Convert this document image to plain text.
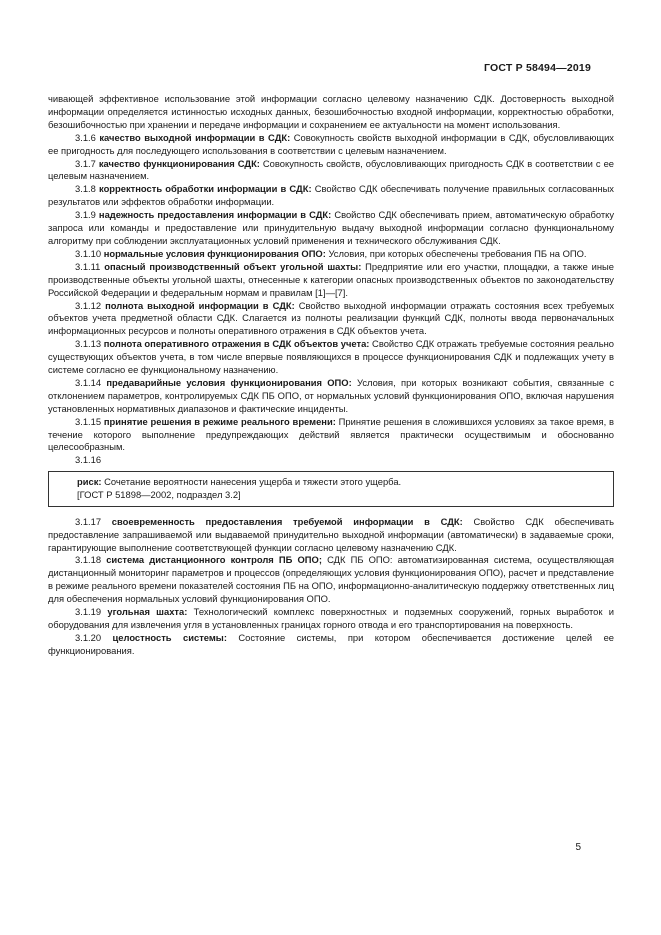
ГОСТ Р 58494—2019

чивающей эффективное использование этой информации согласно целевому назначению СДК. Достоверность выходной информации определяется истинностью исходных данных, безошибочностью входной информации, корректностью обработки, безошибочностью при хранении и передаче информации и сохранением ее актуальности на момент использования.

3.1.6 качество выходной информации в СДК: Совокупность свойств выходной информации в СДК, обусловливающих ее пригодность для последующего использования в соответствии с целевым назначением.

3.1.7 качество функционирования СДК: Совокупность свойств, обусловливающих пригодность СДК в соответствии с ее целевым назначением.

3.1.8 корректность обработки информации в СДК: Свойство СДК обеспечивать получение правильных согласованных результатов или эффектов обработки информации.

3.1.9 надежность предоставления информации в СДК: Свойство СДК обеспечивать прием, автоматическую обработку запроса или команды и предоставление или принудительную выдачу выходной информации согласно функциональному алгоритму при соблюдении эксплуатационных условий применения и технического обслуживания СДК.

3.1.10 нормальные условия функционирования ОПО: Условия, при которых обеспечены требования ПБ на ОПО.

3.1.11 опасный производственный объект угольной шахты: Предприятие или его участки, площадки, а также иные производственные объекты угольной шахты, отнесенные к категории опасных производственных объектов по законодательству Российской Федерации и федеральным нормам и правилам [1]—[7].

3.1.12 полнота выходной информации в СДК: Свойство выходной информации отражать состояния всех требуемых объектов учета предметной области СДК. Слагается из полноты реализации функций СДК, полноты ввода первоначальных информационных ресурсов и полноты оперативного отражения в СДК объектов учета.

3.1.13 полнота оперативного отражения в СДК объектов учета: Свойство СДК отражать требуемые состояния реально существующих объектов учета, в том числе впервые появляющихся в процессе функционирования СДК и подлежащих учету в системе согласно ее функциональному назначению.

3.1.14 предаварийные условия функционирования ОПО: Условия, при которых возникают события, связанные с отклонением параметров, контролируемых СДК ПБ ОПО, от нормальных условий функционирования ОПО, включая нарушения установленных нормативных диапазонов и фактические инциденты.

3.1.15 принятие решения в режиме реального времени: Принятие решения в сложившихся условиях за такое время, в течение которого выполнение предупреждающих действий является практически осуществимым и обоснованно целесообразным.

3.1.16

риск: Сочетание вероятности нанесения ущерба и тяжести этого ущерба.

[ГОСТ Р 51898—2002, подраздел 3.2]

3.1.17 своевременность предоставления требуемой информации в СДК: Свойство СДК обеспечивать предоставление запрашиваемой или выдаваемой принудительно выходной информации (автоматически) в задаваемые сроки, гарантирующие выполнение соответствующей функции согласно целевому назначению СДК.

3.1.18 система дистанционного контроля ПБ ОПО; СДК ПБ ОПО: автоматизированная система, осуществляющая дистанционный мониторинг параметров и процессов (определяющих условия функционирования ОПО), расчет и представление в режиме реального времени показателей состояния ПБ на ОПО, информационно-аналитическую поддержку ответственных лиц для обеспечения нормальных условий функционирования ОПО.

3.1.19 угольная шахта: Технологический комплекс поверхностных и подземных сооружений, горных выработок и оборудования для извлечения угля в установленных границах горного отвода и его транспортирования на поверхность.

3.1.20 целостность системы: Состояние системы, при котором обеспечивается достижение целей ее функционирования.

5
